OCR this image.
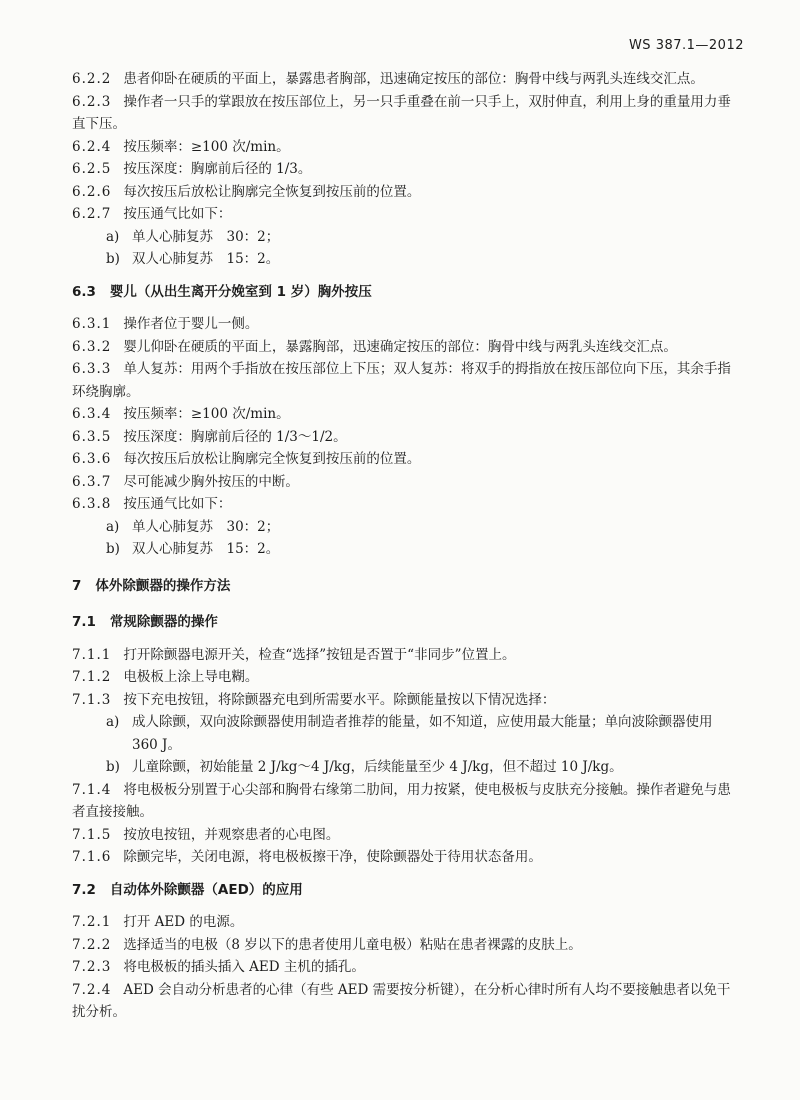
WS 387.1—2012

6.2.2 患者仰卧在硬质的平面上，暴露患者胸部，迅速确定按压的部位：胸骨中线与两乳头连线交汇点。

6.2.3 操作者一只手的掌跟放在按压部位上，另一只手重叠在前一只手上，双肘伸直，利用上身的重量用力垂直下压。

6.2.4 按压频率：≥100 次/min。

6.2.5 按压深度：胸廓前后径的 1/3。

6.2.6 每次按压后放松让胸廓完全恢复到按压前的位置。

6.2.7 按压通气比如下：

a) 单人心肺复苏　30：2；

b) 双人心肺复苏　15：2。

6.3 婴儿（从出生离开分娩室到 1 岁）胸外按压

6.3.1 操作者位于婴儿一侧。

6.3.2 婴儿仰卧在硬质的平面上，暴露胸部，迅速确定按压的部位：胸骨中线与两乳头连线交汇点。

6.3.3 单人复苏：用两个手指放在按压部位上下压；双人复苏：将双手的拇指放在按压部位向下压，其余手指环绕胸廓。

6.3.4 按压频率：≥100 次/min。

6.3.5 按压深度：胸廓前后径的 1/3～1/2。

6.3.6 每次按压后放松让胸廓完全恢复到按压前的位置。

6.3.7 尽可能减少胸外按压的中断。

6.3.8 按压通气比如下：

a) 单人心肺复苏　30：2；

b) 双人心肺复苏　15：2。

7 体外除颤器的操作方法

7.1 常规除颤器的操作

7.1.1 打开除颤器电源开关，检查“选择”按钮是否置于“非同步”位置上。

7.1.2 电极板上涂上导电糊。

7.1.3 按下充电按钮，将除颤器充电到所需要水平。除颤能量按以下情况选择：

a) 成人除颤，双向波除颤器使用制造者推荐的能量，如不知道，应使用最大能量；单向波除颤器使用 360 J。

b) 儿童除颤，初始能量 2 J/kg～4 J/kg，后续能量至少 4 J/kg，但不超过 10 J/kg。

7.1.4 将电极板分别置于心尖部和胸骨右缘第二肋间，用力按紧，使电极板与皮肤充分接触。操作者避免与患者直接接触。

7.1.5 按放电按钮，并观察患者的心电图。

7.1.6 除颤完毕，关闭电源，将电极板擦干净，使除颤器处于待用状态备用。

7.2 自动体外除颤器（AED）的应用

7.2.1 打开 AED 的电源。

7.2.2 选择适当的电极（8 岁以下的患者使用儿童电极）粘贴在患者裸露的皮肤上。

7.2.3 将电极板的插头插入 AED 主机的插孔。

7.2.4 AED 会自动分析患者的心律（有些 AED 需要按分析键），在分析心律时所有人均不要接触患者以免干扰分析。
